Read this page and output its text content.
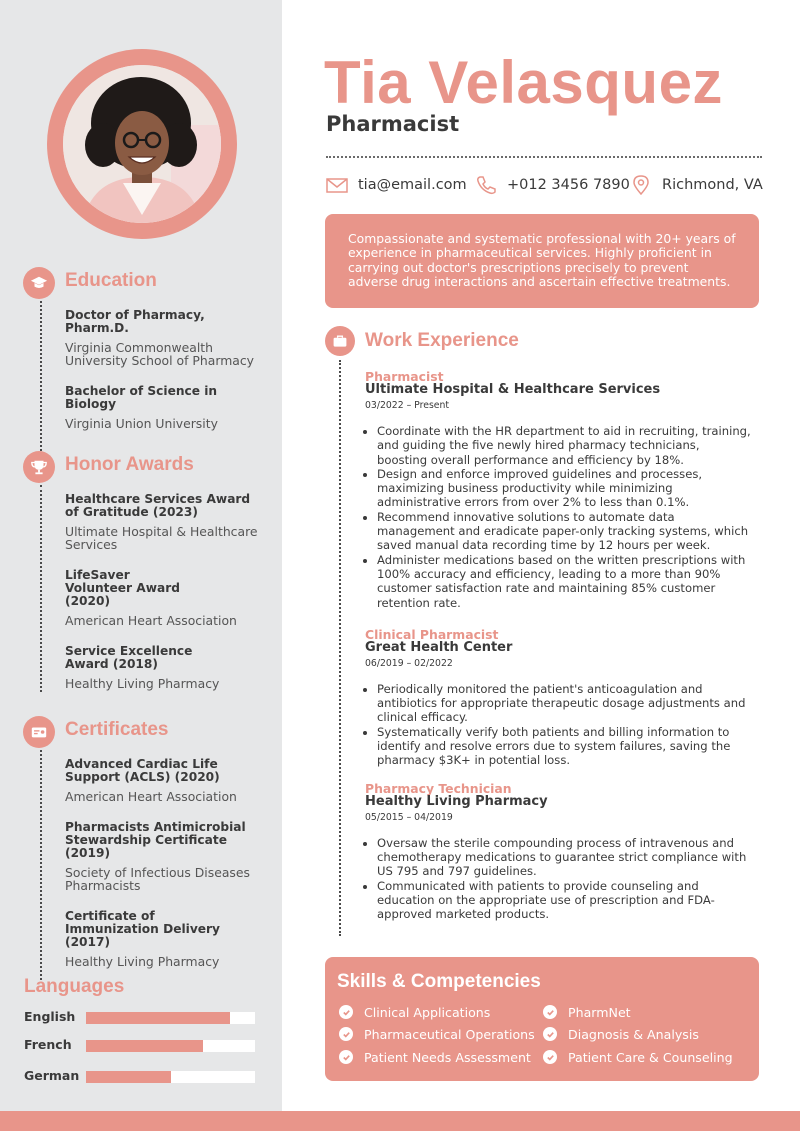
Education
Doctor of Pharmacy, Pharm.D.
Virginia Commonwealth University School of Pharmacy
Bachelor of Science in Biology
Virginia Union University
Honor Awards
Healthcare Services Award of Gratitude (2023)
Ultimate Hospital & Healthcare Services
LifeSaver Volunteer Award (2020)
American Heart Association
Service Excellence Award (2018)
Healthy Living Pharmacy
Certificates
Advanced Cardiac Life Support (ACLS) (2020)
American Heart Association
Pharmacists Antimicrobial Stewardship Certificate (2019)
Society of Infectious Diseases Pharmacists
Certificate of Immunization Delivery (2017)
Healthy Living Pharmacy
Languages
English
French
German
Tia Velasquez
Pharmacist
tia@email.com	+012 3456 7890 Richmond, VA

Compassionate and systematic professional with 20+ years of experience in pharmaceutical services. Highly proficient in carrying out doctor's prescriptions precisely to prevent adverse drug interactions and ascertain effective treatments.

Work Experience
Pharmacist
Ultimate Hospital & Healthcare Services
03/2022 – Present
• Coordinate with the HR department to aid in recruiting, training, and guiding the five newly hired pharmacy technicians, boosting overall performance and efficiency by 18%.
• Design and enforce improved guidelines and processes, maximizing business productivity while minimizing administrative errors from over 2% to less than 0.1%.
• Recommend innovative solutions to automate data management and eradicate paper-only tracking systems, which saved manual data recording time by 12 hours per week.
• Administer medications based on the written prescriptions with 100% accuracy and efficiency, leading to a more than 90% customer satisfaction rate and maintaining 85% customer retention rate.
Clinical Pharmacist
Great Health Center
06/2019 – 02/2022
• Periodically monitored the patient's anticoagulation and antibiotics for appropriate therapeutic dosage adjustments and clinical efficacy.
• Systematically verify both patients and billing information to identify and resolve errors due to system failures, saving the pharmacy $3K+ in potential loss.
Pharmacy Technician
Healthy Living Pharmacy
05/2015 – 04/2019
• Oversaw the sterile compounding process of intravenous and chemotherapy medications to guarantee strict compliance with US 795 and 797 guidelines.
• Communicated with patients to provide counseling and education on the appropriate use of prescription and FDA-approved marketed products.
Skills & Competencies
Clinical Applications	PharmNet
Pharmaceutical Operations	Diagnosis & Analysis
Patient Needs Assessment	Patient Care & Counseling
